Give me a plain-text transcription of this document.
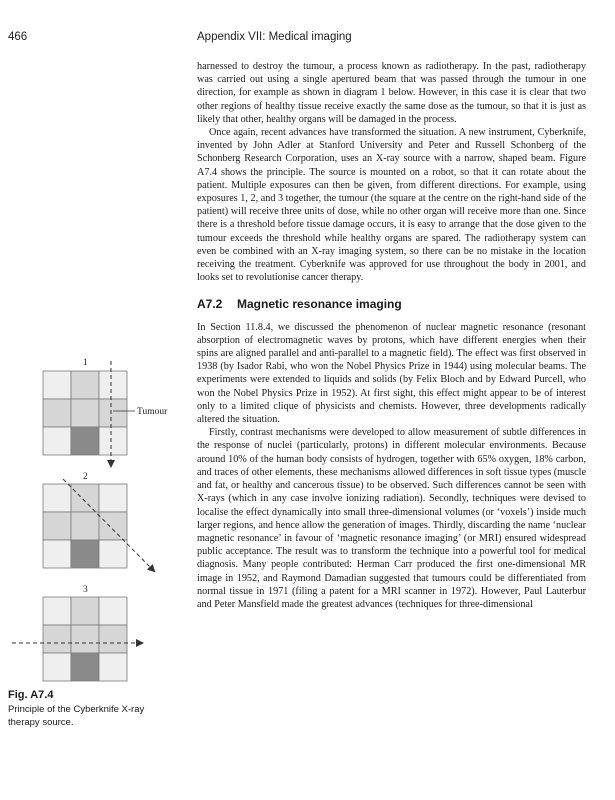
466	Appendix VII: Medical imaging

harnessed to destroy the tumour, a process known as radiotherapy. In the past, radiotherapy was carried out using a single apertured beam that was passed through the tumour in one direction, for example as shown in diagram 1 below. However, in this case it is clear that two other regions of healthy tissue receive exactly the same dose as the tumour, so that it is just as likely that other, healthy organs will be damaged in the process.

Once again, recent advances have transformed the situation. A new instrument, Cyberknife, invented by John Adler at Stanford University and Peter and Russell Schonberg of the Schonberg Research Corporation, uses an X-ray source with a narrow, shaped beam. Figure A7.4 shows the principle. The source is mounted on a robot, so that it can rotate about the patient. Multiple exposures can then be given, from different directions. For example, using exposures 1, 2, and 3 together, the tumour (the square at the centre on the right-hand side of the patient) will receive three units of dose, while no other organ will receive more than one. Since there is a threshold before tissue damage occurs, it is easy to arrange that the dose given to the tumour exceeds the threshold while healthy organs are spared. The radiotherapy system can even be combined with an X-ray imaging system, so there can be no mistake in the location receiving the treatment. Cyberknife was approved for use throughout the body in 2001, and looks set to revolutionise cancer therapy.

A7.2 Magnetic resonance imaging

In Section 11.8.4, we discussed the phenomenon of nuclear magnetic resonance (resonant absorption of electromagnetic waves by protons, which have different energies when their spins are aligned parallel and anti-parallel to a magnetic field). The effect was first observed in 1938 (by Isador Rabi, who won the Nobel Physics Prize in 1944) using molecular beams. The experiments were extended to liquids and solids (by Felix Bloch and by Edward Purcell, who won the Nobel Physics Prize in 1952). At first sight, this effect might appear to be of interest only to a limited clique of physicists and chemists. However, three developments radically altered the situation.

Firstly, contrast mechanisms were developed to allow measurement of subtle differences in the response of nuclei (particularly, protons) in different molecular environments. Because around 10% of the human body consists of hydrogen, together with 65% oxygen, 18% carbon, and traces of other elements, these mechanisms allowed differences in soft tissue types (muscle and fat, or healthy and cancerous tissue) to be observed. Such differences cannot be seen with X-rays (which in any case involve ionizing radiation). Secondly, techniques were devised to localise the effect dynamically into small three-dimensional volumes (or ‘voxels’) inside much larger regions, and hence allow the generation of images. Thirdly, discarding the name ‘nuclear magnetic resonance’ in favour of ‘magnetic resonance imaging’ (or MRI) ensured widespread public acceptance. The result was to transform the technique into a powerful tool for medical diagnosis. Many people contributed: Herman Carr produced the first one-dimensional MR image in 1952, and Raymond Damadian suggested that tumours could be differentiated from normal tissue in 1971 (filing a patent for a MRI scanner in 1972). However, Paul Lauterbur and Peter Mansfield made the greatest advances (techniques for three-dimensional

1
2
3
Tumour
Fig. A7.4
Principle of the Cyberknife X-ray therapy source.
